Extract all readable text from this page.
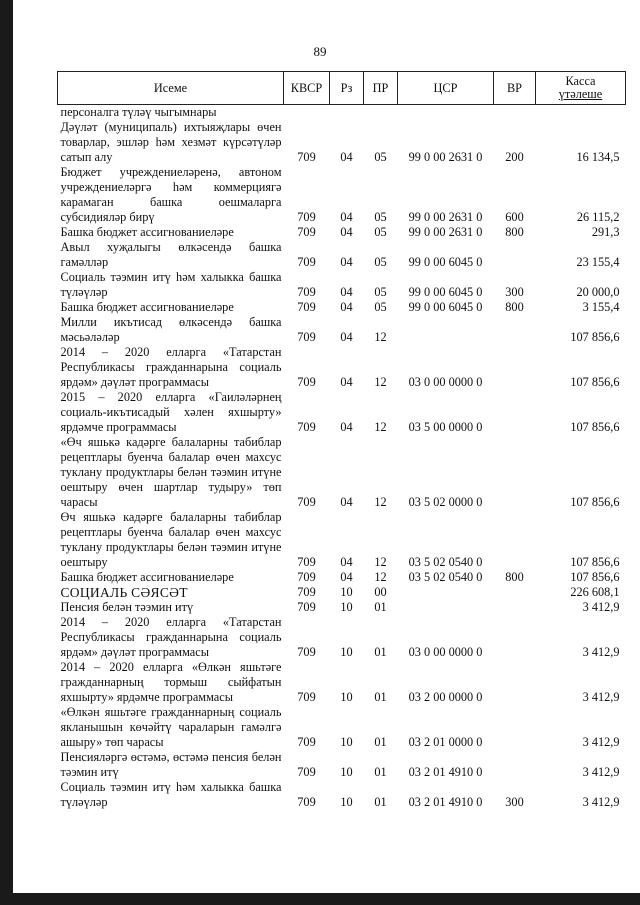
89
Исеме	КВСР	Рз	ПР	ЦСР	ВР	Касса
үтәлеше

персоналга түләү чыгымнары						
Дәүләт (муниципаль) ихтыяҗлары өчен товарлар, эшләр һәм хезмәт күрсәтүләр сатып алу	709	04	05	99 0 00 2631 0	200	16 134,5
Бюджет учреждениеләренә, автоном учреждениеләргә һәм коммерциягә карамаган башка оешмаларга субсидияләр бирү	709	04	05	99 0 00 2631 0	600	26 115,2
Башка бюджет ассигнованиеләре	709	04	05	99 0 00 2631 0	800	291,3
Авыл хуҗалыгы өлкәсендә башка гамәлләр	709	04	05	99 0 00 6045 0		23 155,4
Социаль тәэмин итү һәм халыкка башка түләүләр	709	04	05	99 0 00 6045 0	300	20 000,0
Башка бюджет ассигнованиеләре	709	04	05	99 0 00 6045 0	800	3 155,4
Милли икътисад өлкәсендә башка мәсьәләләр	709	04	12			107 856,6
2014 – 2020 елларга «Татарстан Республикасы гражданнарына социаль ярдәм» дәүләт программасы	709	04	12	03 0 00 0000 0		107 856,6
2015 – 2020 елларга «Гаиләләрнең социаль-икътисадый хәлен яхшырту» ярдәмче программасы	709	04	12	03 5 00 0000 0		107 856,6
«Өч яшькә кадәрге балаларны табиблар рецептлары буенча балалар өчен махсус туклану продуктлары белән тәэмин итүне оештыру өчен шартлар тудыру» төп чарасы	709	04	12	03 5 02 0000 0		107 856,6
Өч яшькә кадәрге балаларны табиблар рецептлары буенча балалар өчен махсус туклану продуктлары белән тәэмин итүне оештыру	709	04	12	03 5 02 0540 0		107 856,6
Башка бюджет ассигнованиеләре	709	04	12	03 5 02 0540 0	800	107 856,6
СОЦИАЛЬ СӘЯСӘТ	709	10	00			226 608,1
Пенсия белән тәэмин итү	709	10	01			3 412,9
2014 – 2020 елларга «Татарстан Республикасы гражданнарына социаль ярдәм» дәүләт программасы	709	10	01	03 0 00 0000 0		3 412,9
2014 – 2020 елларга «Өлкән яшьтәге гражданнарның тормыш сыйфатын яхшырту» ярдәмче программасы	709	10	01	03 2 00 0000 0		3 412,9
«Өлкән яшьтәге гражданнарның социаль якланышын көчәйтү чараларын гамәлгә ашыру» төп чарасы	709	10	01	03 2 01 0000 0		3 412,9
Пенсияләргә өстәмә, өстәмә пенсия белән тәэмин итү	709	10	01	03 2 01 4910 0		3 412,9
Социаль тәэмин итү һәм халыкка башка түләүләр	709	10	01	03 2 01 4910 0	300	3 412,9
